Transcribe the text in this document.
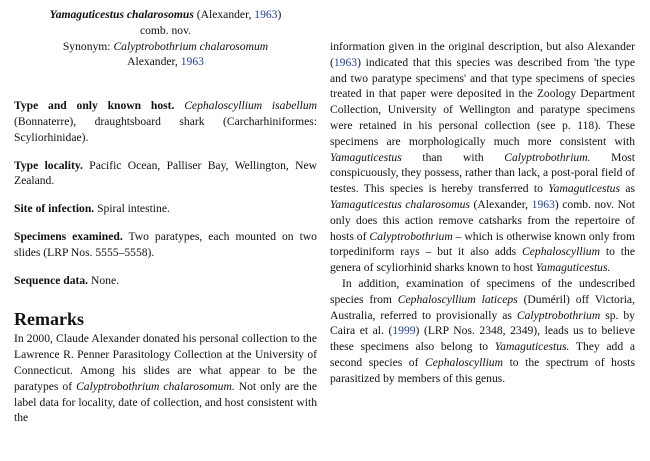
Yamaguticestus chalarosomus (Alexander, 1963)
comb. nov.
Synonym: Calyptrobothrium chalarosomum
Alexander, 1963

Type and only known host. Cephaloscyllium isabellum (Bonnaterre), draughtsboard shark (Carcharhiniformes: Scyliorhinidae).

Type locality. Pacific Ocean, Palliser Bay, Wellington, New Zealand.

Site of infection. Spiral intestine.

Specimens examined. Two paratypes, each mounted on two slides (LRP Nos. 5555–5558).

Sequence data. None.

Remarks

In 2000, Claude Alexander donated his personal collection to the Lawrence R. Penner Parasitology Collection at the University of Connecticut. Among his slides are what appear to be the paratypes of Calyptrobothrium chalarosomum. Not only are the label data for locality, date of collection, and host consistent with the

information given in the original description, but also Alexander (1963) indicated that this species was described from 'the type and two paratype specimens' and that type specimens of species treated in that paper were deposited in the Zoology Department Collection, University of Wellington and paratype specimens were retained in his personal collection (see p. 118). These specimens are morphologically much more consistent with Yamaguticestus than with Calyptrobothrium. Most conspicuously, they possess, rather than lack, a post-poral field of testes. This species is hereby transferred to Yamaguticestus as Yamaguticestus chalarosomus (Alexander, 1963) comb. nov. Not only does this action remove catsharks from the repertoire of hosts of Calyptrobothrium – which is otherwise known only from torpediniform rays – but it also adds Cephaloscyllium to the genera of scyliorhinid sharks known to host Yamaguticestus.

In addition, examination of specimens of the undescribed species from Cephaloscyllium laticeps (Duméril) off Victoria, Australia, referred to provisionally as Calyptrobothrium sp. by Caira et al. (1999) (LRP Nos. 2348, 2349), leads us to believe these specimens also belong to Yamaguticestus. They add a second species of Cephaloscyllium to the spectrum of hosts parasitized by members of this genus.
